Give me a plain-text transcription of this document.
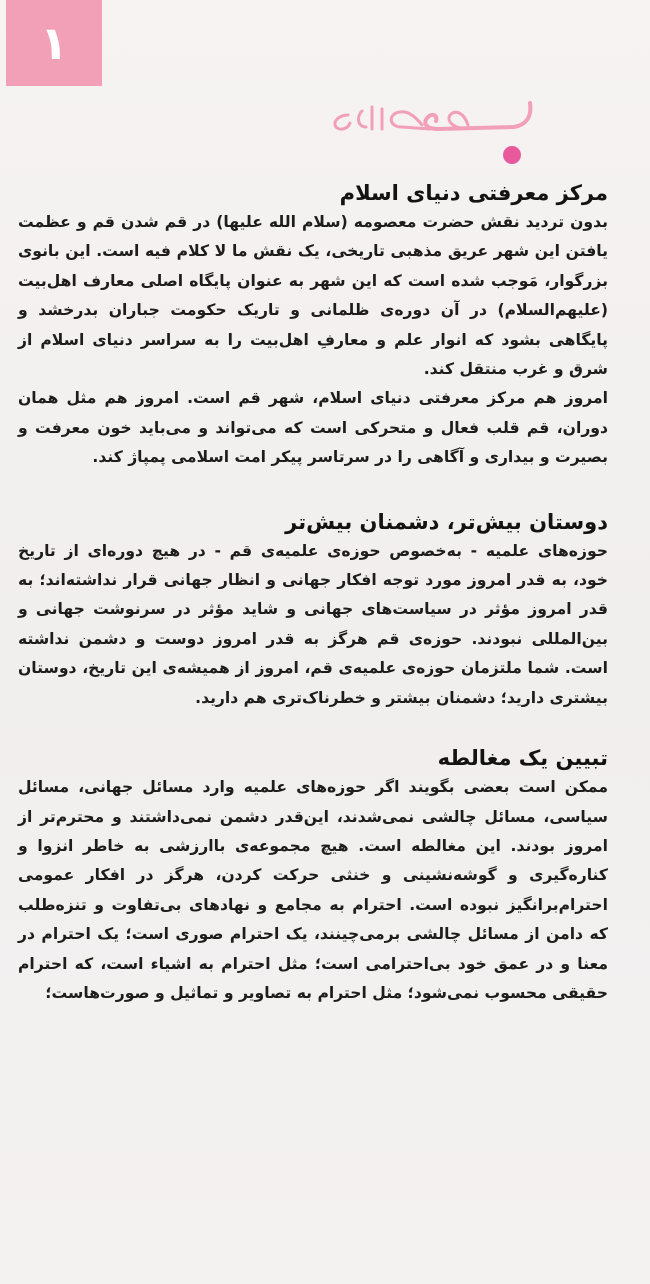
۱
مرکز معرفتی دنیای اسلام

بدون تردید نقش حضرت معصومه (سلام الله علیها) در قم شدن قم و عظمت یافتن این شهر عریق مذهبی تاریخی، یک نقش ما لا کلام فیه است. این بانوی بزرگوار، مَوجب شده است که این شهر به عنوان پایگاه اصلی معارف اهل‌بیت (علیهم‌السلام) در آن دوره‌ی ظلمانی و تاریک حکومت جباران بدرخشد و پایگاهی بشود که انوار علم و معارفِ اهل‌بیت را به سراسر دنیای اسلام از شرق و غرب منتقل کند.

امروز هم مرکز معرفتی دنیای اسلام، شهر قم است. امروز هم مثل همان دوران، قم قلب فعال و متحرکی است که می‌تواند و می‌باید خون معرفت و بصیرت و بیداری و آگاهی را در سرتاسر پیکر امت اسلامی پمپاژ کند.

دوستان بیش‌تر، دشمنان بیش‌تر

حوزه‌های علمیه - به‌خصوص حوزه‌ی علمیه‌ی قم - در هیچ دوره‌ای از تاریخ خود، به قدر امروز مورد توجه افکار جهانی و انظار جهانی قرار نداشته‌اند؛ به قدر امروز مؤثر در سیاست‌های جهانی و شاید مؤثر در سرنوشت جهانی و بین‌المللی نبودند. حوزه‌ی قم هرگز به قدر امروز دوست و دشمن نداشته است. شما ملتزمان حوزه‌ی علمیه‌ی قم، امروز از همیشه‌ی این تاریخ، دوستان بیشتری دارید؛ دشمنان بیشتر و خطرناک‌تری هم دارید.

تبیین یک مغالطه

ممکن است بعضی بگویند اگر حوزه‌های علمیه وارد مسائل جهانی، مسائل سیاسی، مسائل چالشی نمی‌شدند، این‌قدر دشمن نمی‌داشتند و محترم‌تر از امروز بودند. این مغالطه است. هیچ مجموعه‌ی باارزشی به خاطر انزوا و کناره‌گیری و گوشه‌نشینی و خنثی حرکت کردن، هرگز در افکار عمومی احترام‌برانگیز نبوده است. احترام به مجامع و نهادهای بی‌تفاوت و تنزه‌طلب که دامن از مسائل چالشی برمی‌چینند، یک احترام صوری است؛ یک احترام در معنا و در عمق خود بی‌احترامی است؛ مثل احترام به اشیاء است، که احترام حقیقی محسوب نمی‌شود؛ مثل احترام به تصاویر و تماثیل و صورت‌هاست؛
